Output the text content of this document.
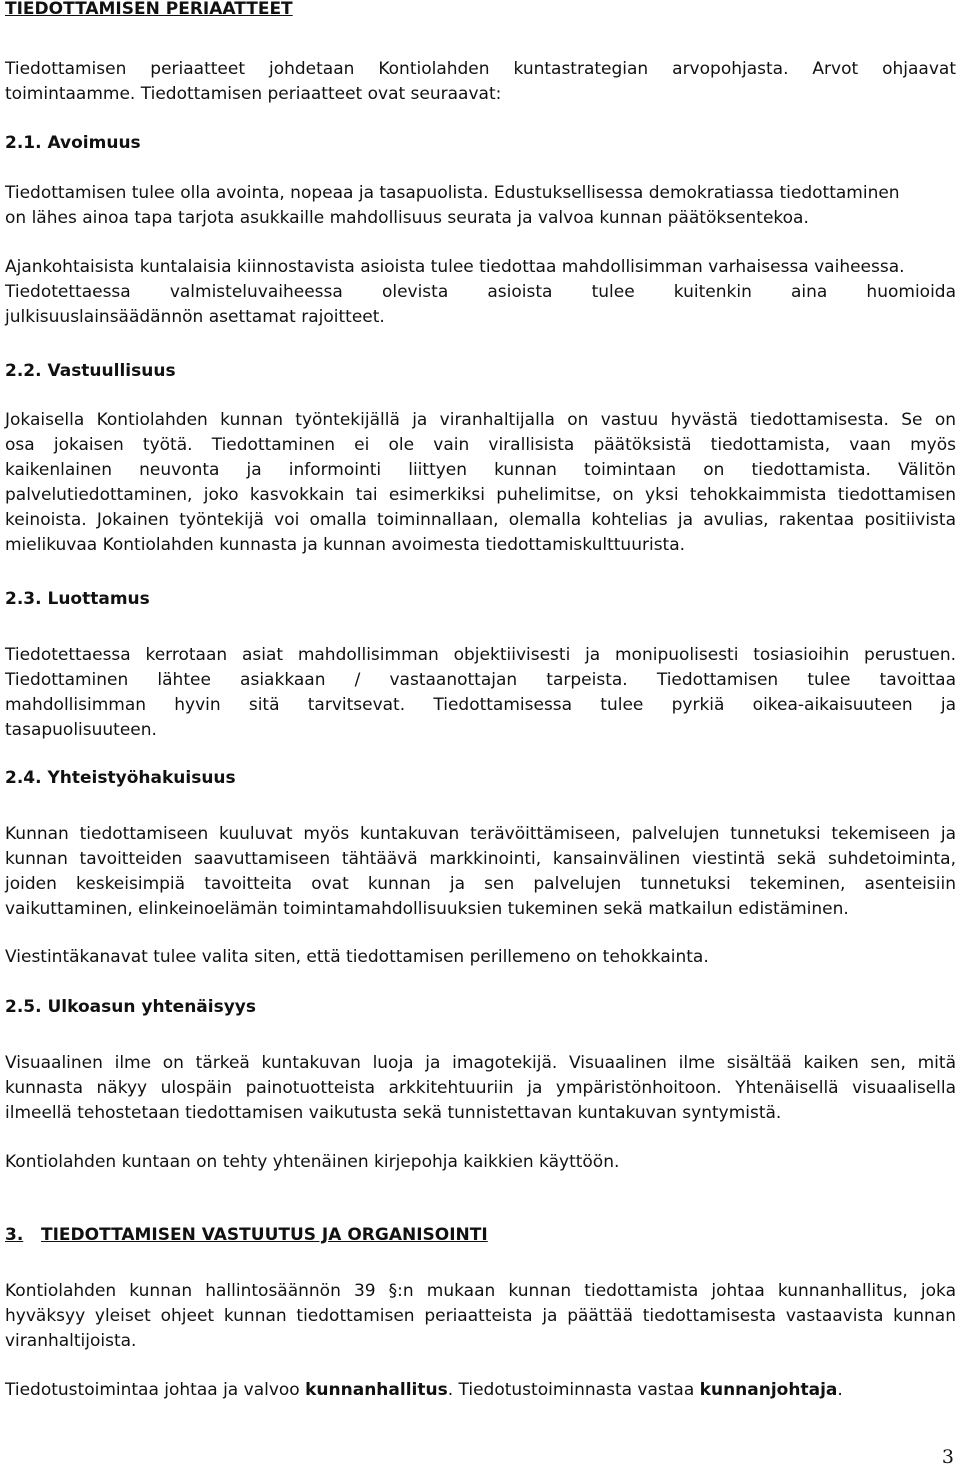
TIEDOTTAMISEN PERIAATTEET
Tiedottamisen periaatteet johdetaan Kontiolahden kuntastrategian arvopohjasta. Arvot ohjaavat
toimintaamme. Tiedottamisen periaatteet ovat seuraavat:
2.1. Avoimuus
Tiedottamisen tulee olla avointa, nopeaa ja tasapuolista. Edustuksellisessa demokratiassa tiedottaminen
on lähes ainoa tapa tarjota asukkaille mahdollisuus seurata ja valvoa kunnan päätöksentekoa.
Ajankohtaisista kuntalaisia kiinnostavista asioista tulee tiedottaa mahdollisimman varhaisessa vaiheessa.
Tiedotettaessa valmisteluvaiheessa olevista asioista tulee kuitenkin aina huomioida
julkisuuslainsäädännön asettamat rajoitteet.
2.2. Vastuullisuus
Jokaisella Kontiolahden kunnan työntekijällä ja viranhaltijalla on vastuu hyvästä tiedottamisesta. Se on
osa jokaisen työtä. Tiedottaminen ei ole vain virallisista päätöksistä tiedottamista, vaan myös
kaikenlainen neuvonta ja informointi liittyen kunnan toimintaan on tiedottamista. Välitön
palvelutiedottaminen, joko kasvokkain tai esimerkiksi puhelimitse, on yksi tehokkaimmista tiedottamisen
keinoista. Jokainen työntekijä voi omalla toiminnallaan, olemalla kohtelias ja avulias, rakentaa positiivista
mielikuvaa Kontiolahden kunnasta ja kunnan avoimesta tiedottamiskulttuurista.
2.3. Luottamus
Tiedotettaessa kerrotaan asiat mahdollisimman objektiivisesti ja monipuolisesti tosiasioihin perustuen.
Tiedottaminen lähtee asiakkaan / vastaanottajan tarpeista. Tiedottamisen tulee tavoittaa
mahdollisimman hyvin sitä tarvitsevat. Tiedottamisessa tulee pyrkiä oikea-aikaisuuteen ja
tasapuolisuuteen.
2.4. Yhteistyöhakuisuus
Kunnan tiedottamiseen kuuluvat myös kuntakuvan terävöittämiseen, palvelujen tunnetuksi tekemiseen ja
kunnan tavoitteiden saavuttamiseen tähtäävä markkinointi, kansainvälinen viestintä sekä suhdetoiminta,
joiden keskeisimpiä tavoitteita ovat kunnan ja sen palvelujen tunnetuksi tekeminen, asenteisiin
vaikuttaminen, elinkeinoelämän toimintamahdollisuuksien tukeminen sekä matkailun edistäminen.
Viestintäkanavat tulee valita siten, että tiedottamisen perillemeno on tehokkainta.
2.5. Ulkoasun yhtenäisyys
Visuaalinen ilme on tärkeä kuntakuvan luoja ja imagotekijä. Visuaalinen ilme sisältää kaiken sen, mitä
kunnasta näkyy ulospäin painotuotteista arkkitehtuuriin ja ympäristönhoitoon. Yhtenäisellä visuaalisella
ilmeellä tehostetaan tiedottamisen vaikutusta sekä tunnistettavan kuntakuvan syntymistä.
Kontiolahden kuntaan on tehty yhtenäinen kirjepohja kaikkien käyttöön.
3. TIEDOTTAMISEN VASTUUTUS JA ORGANISOINTI
Kontiolahden kunnan hallintosäännön 39 §:n mukaan kunnan tiedottamista johtaa kunnanhallitus, joka
hyväksyy yleiset ohjeet kunnan tiedottamisen periaatteista ja päättää tiedottamisesta vastaavista kunnan
viranhaltijoista.
Tiedotustoimintaa johtaa ja valvoo kunnanhallitus. Tiedotustoiminnasta vastaa kunnanjohtaja.
3
